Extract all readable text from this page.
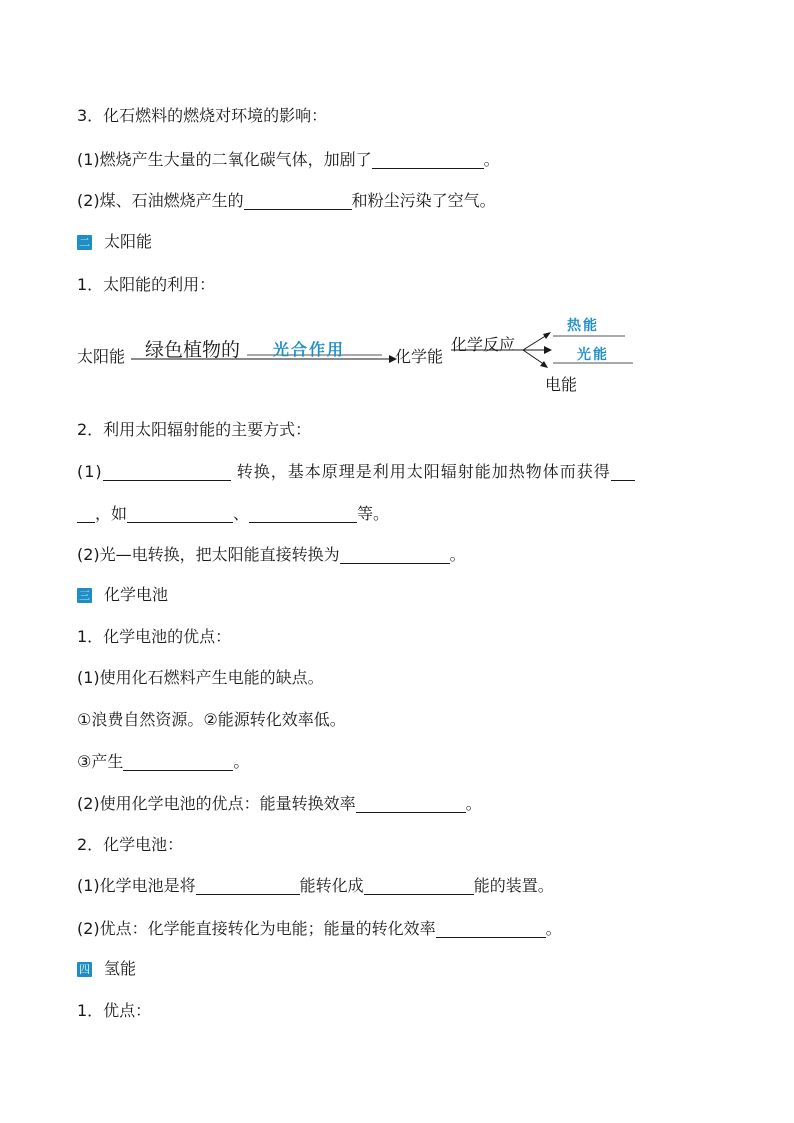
3．化石燃料的燃烧对环境的影响：
(1)燃烧产生大量的二氧化碳气体，加剧了	。
(2)煤、石油燃烧产生的	和粉尘污染了空气。
二 太阳能
1．太阳能的利用：
太阳能 绿色植物的 光合作用	化学能
化学反应
热能
光能
电能
2．利用太阳辐射能的主要方式：
(1)	转换，基本原理是利用太阳辐射能加热物体而获得
，如	、	等。
(2)光—电转换，把太阳能直接转换为	。
三 化学电池
1．化学电池的优点：
(1)使用化石燃料产生电能的缺点。
①浪费自然资源。②能源转化效率低。
③产生	。
(2)使用化学电池的优点：能量转换效率	。
2．化学电池：
(1)化学电池是将	能转化成	能的装置。
(2)优点：化学能直接转化为电能；能量的转化效率	。
四 氢能
1．优点：
